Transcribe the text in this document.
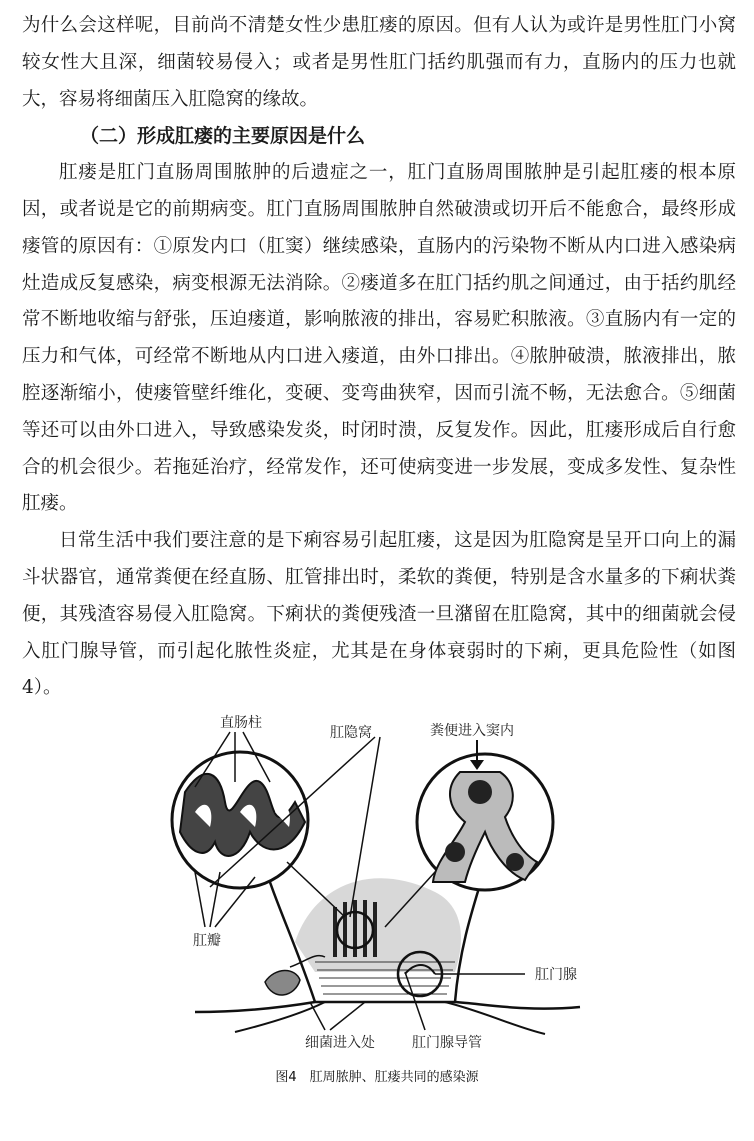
为什么会这样呢，目前尚不清楚女性少患肛瘘的原因。但有人认为或许是男性肛门小窝较女性大且深，细菌较易侵入；或者是男性肛门括约肌强而有力，直肠内的压力也就大，容易将细菌压入肛隐窝的缘故。

（二）形成肛瘘的主要原因是什么

肛瘘是肛门直肠周围脓肿的后遗症之一，肛门直肠周围脓肿是引起肛瘘的根本原因，或者说是它的前期病变。肛门直肠周围脓肿自然破溃或切开后不能愈合，最终形成瘘管的原因有：①原发内口（肛窦）继续感染，直肠内的污染物不断从内口进入感染病灶造成反复感染，病变根源无法消除。②瘘道多在肛门括约肌之间通过，由于括约肌经常不断地收缩与舒张，压迫瘘道，影响脓液的排出，容易贮积脓液。③直肠内有一定的压力和气体，可经常不断地从内口进入瘘道，由外口排出。④脓肿破溃，脓液排出，脓腔逐渐缩小，使瘘管壁纤维化，变硬、变弯曲狭窄，因而引流不畅，无法愈合。⑤细菌等还可以由外口进入，导致感染发炎，时闭时溃，反复发作。因此，肛瘘形成后自行愈合的机会很少。若拖延治疗，经常发作，还可使病变进一步发展，变成多发性、复杂性肛瘘。

日常生活中我们要注意的是下痢容易引起肛瘘，这是因为肛隐窝是呈开口向上的漏斗状器官，通常粪便在经直肠、肛管排出时，柔软的粪便，特别是含水量多的下痢状粪便，其残渣容易侵入肛隐窝。下痢状的粪便残渣一旦潴留在肛隐窝，其中的细菌就会侵入肛门腺导管，而引起化脓性炎症，尤其是在身体衰弱时的下痢，更具危险性（如图4）。

直肠柱
肛隐窝	粪便进入窦内
肛瓣
肛门腺
细菌进入处	肛门腺导管
图4　肛周脓肿、肛瘘共同的感染源
